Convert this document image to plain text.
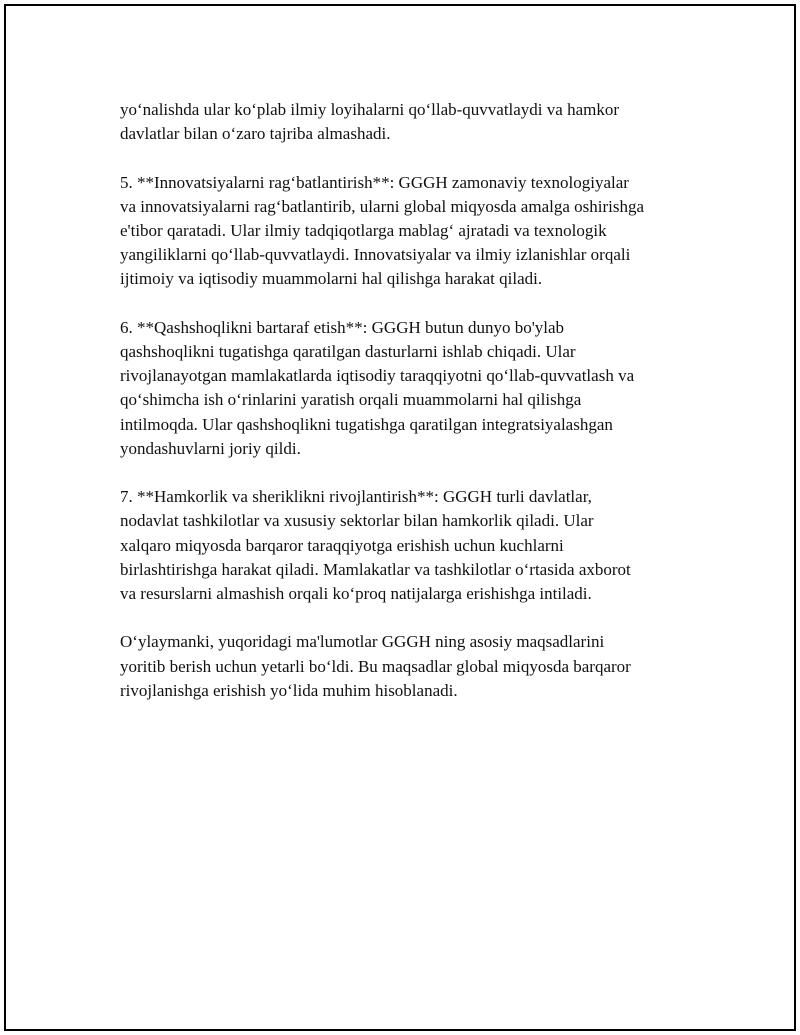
yo‘nalishda ular ko‘plab ilmiy loyihalarni qo‘llab-quvvatlaydi va hamkor
davlatlar bilan o‘zaro tajriba almashadi.

5. **Innovatsiyalarni rag‘batlantirish**: GGGH zamonaviy texnologiyalar
va innovatsiyalarni rag‘batlantirib, ularni global miqyosda amalga oshirishga
e'tibor qaratadi. Ular ilmiy tadqiqotlarga mablag‘ ajratadi va texnologik
yangiliklarni qo‘llab-quvvatlaydi. Innovatsiyalar va ilmiy izlanishlar orqali
ijtimoiy va iqtisodiy muammolarni hal qilishga harakat qiladi.

6. **Qashshoqlikni bartaraf etish**: GGGH butun dunyo bo'ylab
qashshoqlikni tugatishga qaratilgan dasturlarni ishlab chiqadi. Ular
rivojlanayotgan mamlakatlarda iqtisodiy taraqqiyotni qo‘llab-quvvatlash va
qo‘shimcha ish o‘rinlarini yaratish orqali muammolarni hal qilishga
intilmoqda. Ular qashshoqlikni tugatishga qaratilgan integratsiyalashgan
yondashuvlarni joriy qildi.

7. **Hamkorlik va sheriklikni rivojlantirish**: GGGH turli davlatlar,
nodavlat tashkilotlar va xususiy sektorlar bilan hamkorlik qiladi. Ular
xalqaro miqyosda barqaror taraqqiyotga erishish uchun kuchlarni
birlashtirishga harakat qiladi. Mamlakatlar va tashkilotlar o‘rtasida axborot
va resurslarni almashish orqali ko‘proq natijalarga erishishga intiladi.

O‘ylaymanki, yuqoridagi ma'lumotlar GGGH ning asosiy maqsadlarini
yoritib berish uchun yetarli bo‘ldi. Bu maqsadlar global miqyosda barqaror
rivojlanishga erishish yo‘lida muhim hisoblanadi.
